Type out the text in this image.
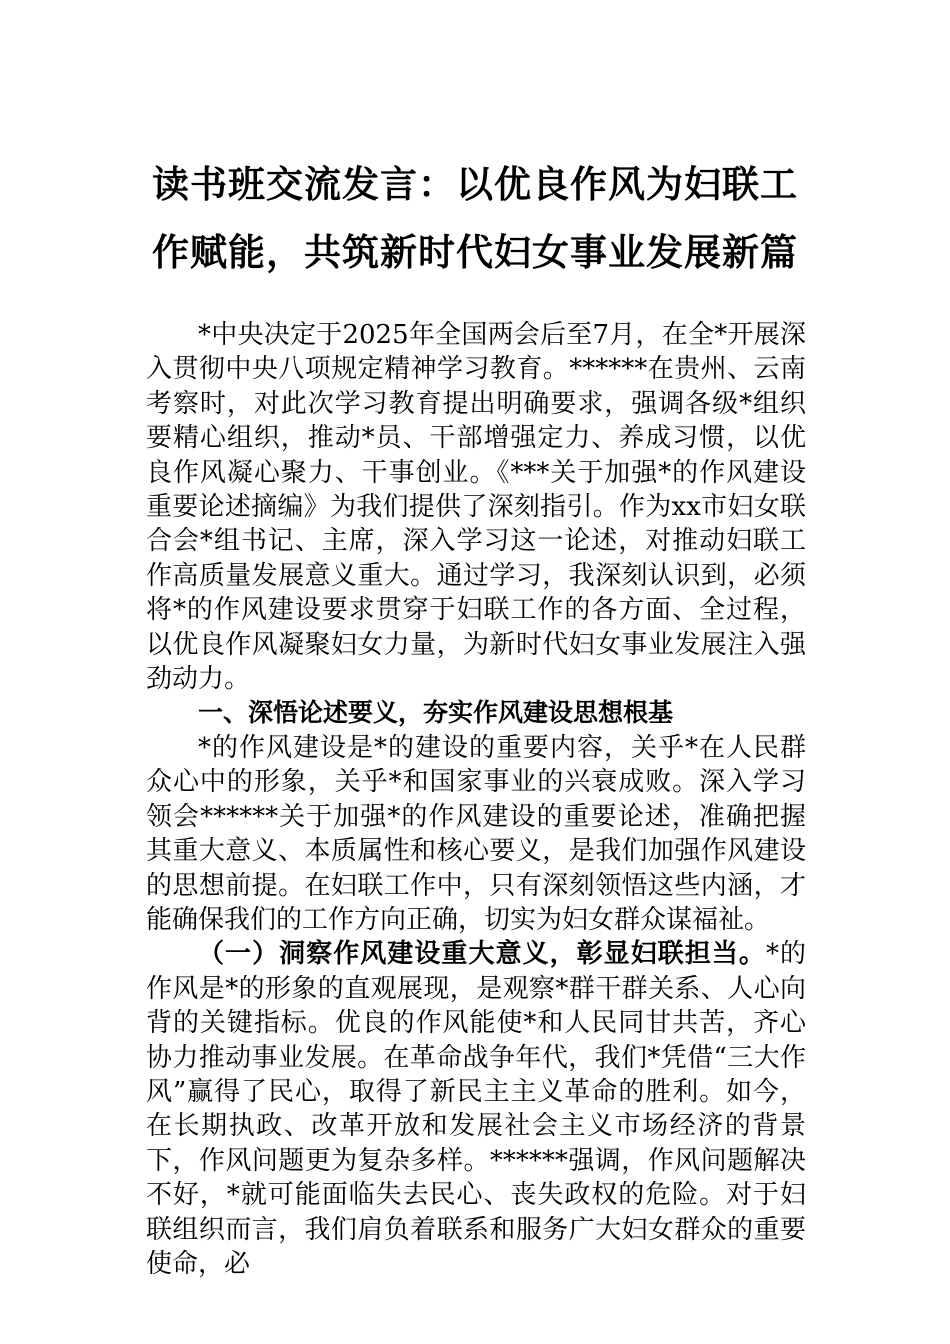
读书班交流发言：以优良作风为妇联工作赋能，共筑新时代妇女事业发展新篇

*中央决定于2025年全国两会后至7月，在全*开展深入贯彻中央八项规定精神学习教育。******在贵州、云南考察时，对此次学习教育提出明确要求，强调各级*组织要精心组织，推动*员、干部增强定力、养成习惯，以优良作风凝心聚力、干事创业。《***关于加强*的作风建设重要论述摘编》为我们提供了深刻指引。作为xx市妇女联合会*组书记、主席，深入学习这一论述，对推动妇联工作高质量发展意义重大。通过学习，我深刻认识到，必须将*的作风建设要求贯穿于妇联工作的各方面、全过程，以优良作风凝聚妇女力量，为新时代妇女事业发展注入强劲动力。

一、深悟论述要义，夯实作风建设思想根基

*的作风建设是*的建设的重要内容，关乎*在人民群众心中的形象，关乎*和国家事业的兴衰成败。深入学习领会******关于加强*的作风建设的重要论述，准确把握其重大意义、本质属性和核心要义，是我们加强作风建设的思想前提。在妇联工作中，只有深刻领悟这些内涵，才能确保我们的工作方向正确，切实为妇女群众谋福祉。

（一）洞察作风建设重大意义，彰显妇联担当。*的作风是*的形象的直观展现，是观察*群干群关系、人心向背的关键指标。优良的作风能使*和人民同甘共苦，齐心协力推动事业发展。在革命战争年代，我们*凭借“三大作风”赢得了民心，取得了新民主主义革命的胜利。如今，在长期执政、改革开放和发展社会主义市场经济的背景下，作风问题更为复杂多样。******强调，作风问题解决不好，*就可能面临失去民心、丧失政权的危险。对于妇联组织而言，我们肩负着联系和服务广大妇女群众的重要使命，必
